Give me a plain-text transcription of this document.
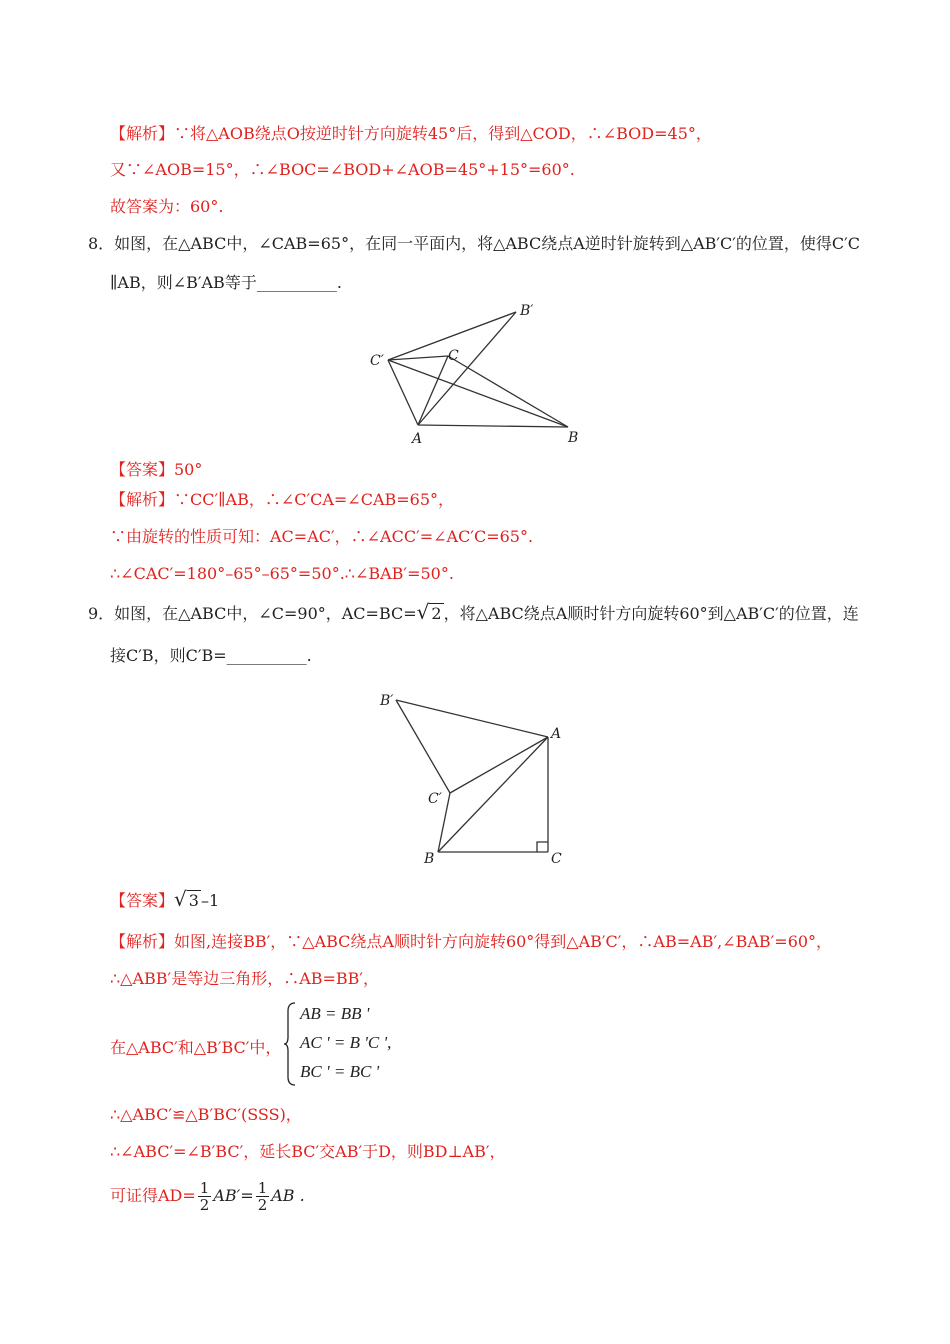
【解析】∵将△AOB绕点O按逆时针方向旋转45°后，得到△COD，∴∠BOD=45°，
又∵∠AOB=15°，∴∠BOC=∠BOD+∠AOB=45°+15°=60°.
故答案为：60°.
8．如图，在△ABC中，∠CAB=65°，在同一平面内，将△ABC绕点A逆时针旋转到△AB′C′的位置，使得C′C
∥AB，则∠B′AB等于__________.
B′
C′	C
A	B
【答案】50°
【解析】∵CC′∥AB，∴∠C′CA=∠CAB=65°，
∵由旋转的性质可知：AC=AC′，∴∠ACC′=∠AC′C=65°.
∴∠CAC′=180°–65°–65°=50°.∴∠BAB′=50°.
9．如图，在△ABC中，∠C=90°，AC=BC=√ 2 ，将△ABC绕点A顺时针方向旋转60°到△AB′C′的位置，连
接C′B，则C′B=__________.
B′
A
C′
B	C
【答案】√ 3 –1
【解析】如图,连接BB′，∵△ABC绕点A顺时针方向旋转60°得到△AB′C′，∴AB=AB′,∠BAB′=60°，
∴△ABB′是等边三角形，∴AB=BB′，
在△ABC′和△B′BC′中，
AB = BB '
AC ' = B 'C ',
BC ' = BC '
∴△ABC′≌△B′BC′(SSS)，
∴∠ABC′=∠B′BC′，延长BC′交AB′于D，则BD⊥AB′，
可证得$AD= \frac{1}{2} AB'= \frac{1}{2}$ AB .
